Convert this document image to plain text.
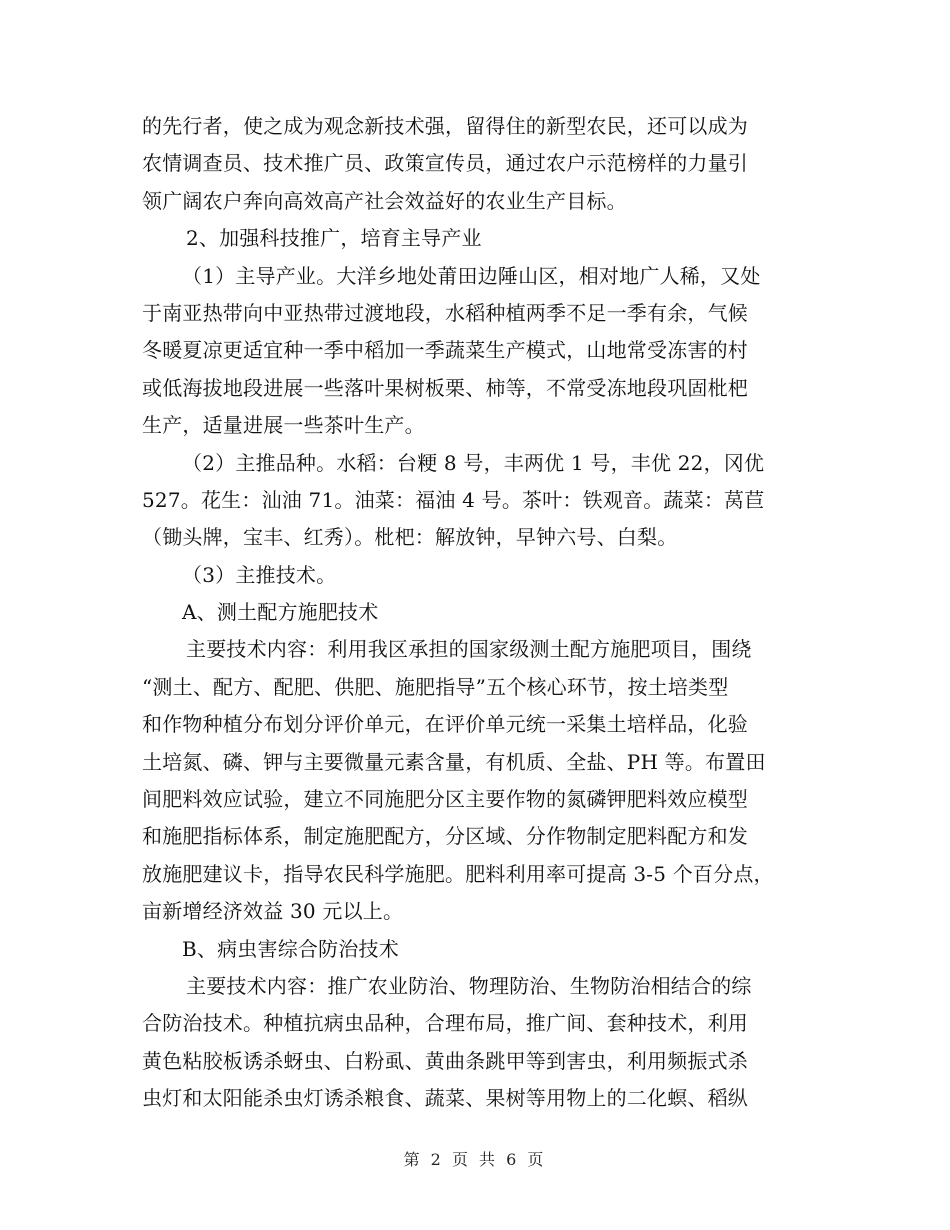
的先行者，使之成为观念新技术强，留得住的新型农民，还可以成为
农情调查员、技术推广员、政策宣传员，通过农户示范榜样的力量引
领广阔农户奔向高效高产社会效益好的农业生产目标。
2、加强科技推广，培育主导产业
（1）主导产业。大洋乡地处莆田边陲山区，相对地广人稀，又处
于南亚热带向中亚热带过渡地段，水稻种植两季不足一季有余，气候
冬暖夏凉更适宜种一季中稻加一季蔬菜生产模式，山地常受冻害的村
或低海拔地段进展一些落叶果树板栗、柿等，不常受冻地段巩固枇杷
生产，适量进展一些茶叶生产。
（2）主推品种。水稻：台粳 8 号，丰两优 1 号，丰优 22，冈优
527。花生：汕油 71。油菜：福油 4 号。茶叶：铁观音。蔬菜：莴苣
（锄头牌，宝丰、红秀）。枇杷：解放钟，早钟六号、白梨。
（3）主推技术。
A、测土配方施肥技术
主要技术内容：利用我区承担的国家级测土配方施肥项目，围绕
“测土、配方、配肥、供肥、施肥指导”五个核心环节，按土培类型
和作物种植分布划分评价单元，在评价单元统一采集土培样品，化验
土培氮、磷、钾与主要微量元素含量，有机质、全盐、PH 等。布置田
间肥料效应试验，建立不同施肥分区主要作物的氮磷钾肥料效应模型
和施肥指标体系，制定施肥配方，分区域、分作物制定肥料配方和发
放施肥建议卡，指导农民科学施肥。肥料利用率可提高 3-5 个百分点，
亩新增经济效益 30 元以上。
B、病虫害综合防治技术
主要技术内容：推广农业防治、物理防治、生物防治相结合的综
合防治技术。种植抗病虫品种，合理布局，推广间、套种技术，利用
黄色粘胶板诱杀蚜虫、白粉虱、黄曲条跳甲等到害虫，利用频振式杀
虫灯和太阳能杀虫灯诱杀粮食、蔬菜、果树等用物上的二化螟、稻纵
第 2 页 共 6 页
